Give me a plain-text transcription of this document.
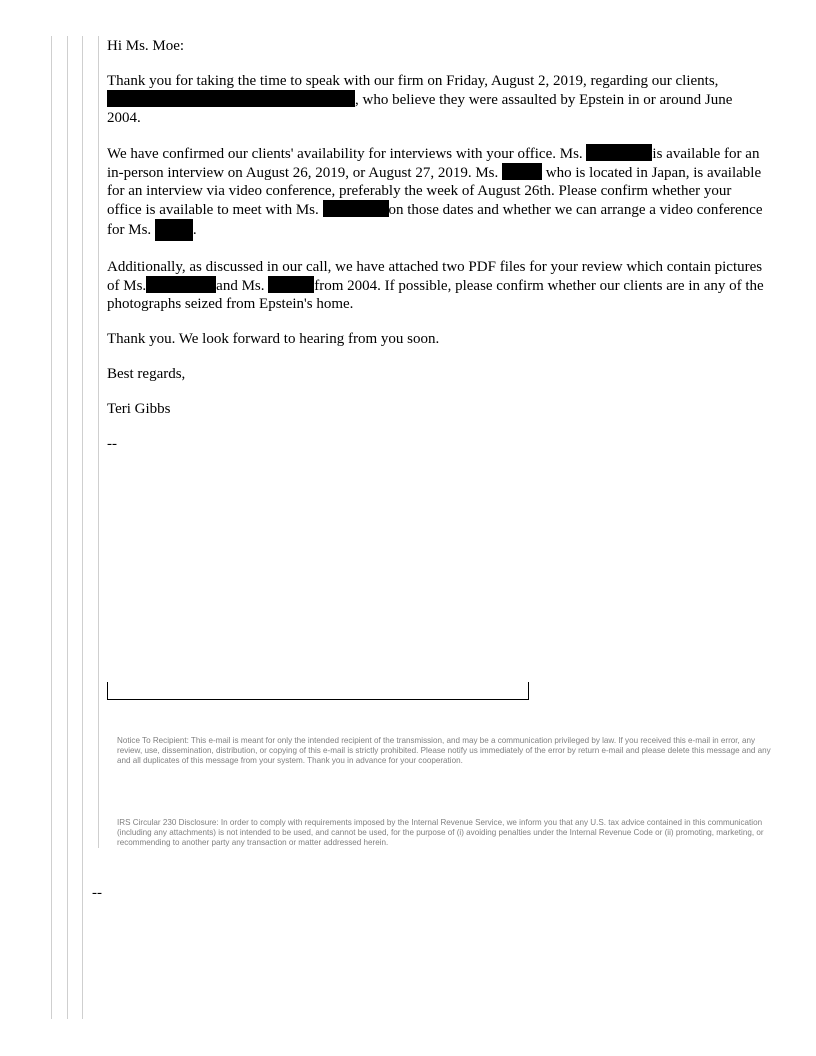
Hi Ms. Moe:

Thank you for taking the time to speak with our firm on Friday, August 2, 2019, regarding our clients, , who believe they were assaulted by Epstein in or around June 2004.

We have confirmed our clients' availability for interviews with your office. Ms.	is available for an in-person interview on August 26, 2019, or August 27, 2019. Ms.	who is located in Japan, is available for an interview via video conference, preferably the week of August 26th. Please confirm whether your office is available to meet with Ms.	on those dates and whether we can arrange a video conference for Ms.	.

Additionally, as discussed in our call, we have attached two PDF files for your review which contain pictures of Ms.	and Ms.	from 2004. If possible, please confirm whether our clients are in any of the photographs seized from Epstein's home.

Thank you. We look forward to hearing from you soon.

Best regards,

Teri Gibbs

--

Notice To Recipient: This e-mail is meant for only the intended recipient of the transmission, and may be a communication privileged by law. If you received this e-mail in error, any review, use, dissemination, distribution, or copying of this e-mail is strictly prohibited. Please notify us immediately of the error by return e-mail and please delete this message and any and all duplicates of this message from your system. Thank you in advance for your cooperation.
IRS Circular 230 Disclosure: In order to comply with requirements imposed by the Internal Revenue Service, we inform you that any U.S. tax advice contained in this communication (including any attachments) is not intended to be used, and cannot be used, for the purpose of (i) avoiding penalties under the Internal Revenue Code or (ii) promoting, marketing, or recommending to another party any transaction or matter addressed herein.
--
